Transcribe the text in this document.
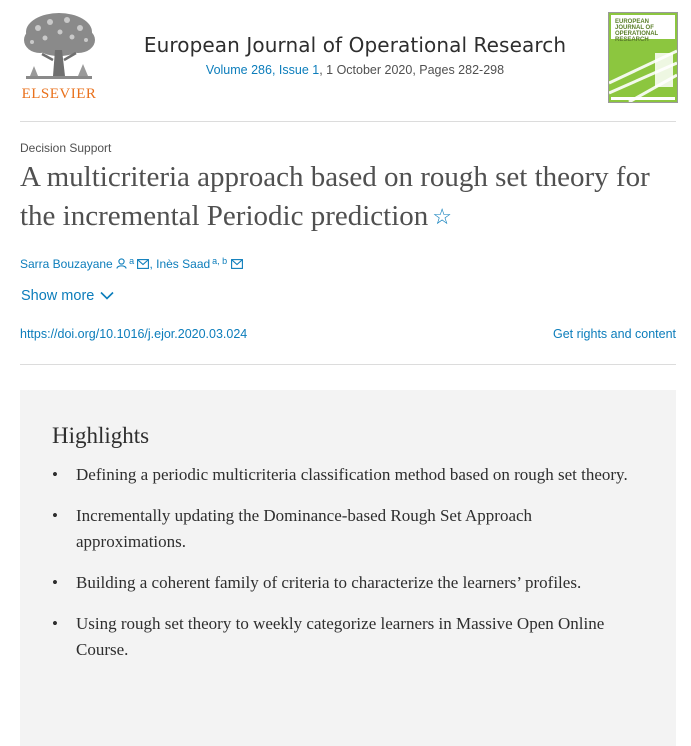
ELSEVIER
European Journal of Operational Research
Volume 286, Issue 1, 1 October 2020, Pages 282-298
EUROPEAN JOURNAL OF OPERATIONAL RESEARCH
Decision Support
A multicriteria approach based on rough set theory for the incremental Periodic prediction ☆
Sarra Bouzayane $^a$ , Inès Saad $^{a, b}$
Show more
https://doi.org/10.1016/j.ejor.2020.03.024	Get rights and content
Highlights
• Defining a periodic multicriteria classification method based on rough set theory.
• Incrementally updating the Dominance-based Rough Set Approach approximations.
• Building a coherent family of criteria to characterize the learners’ profiles.
• Using rough set theory to weekly categorize learners in Massive Open Online Course.
